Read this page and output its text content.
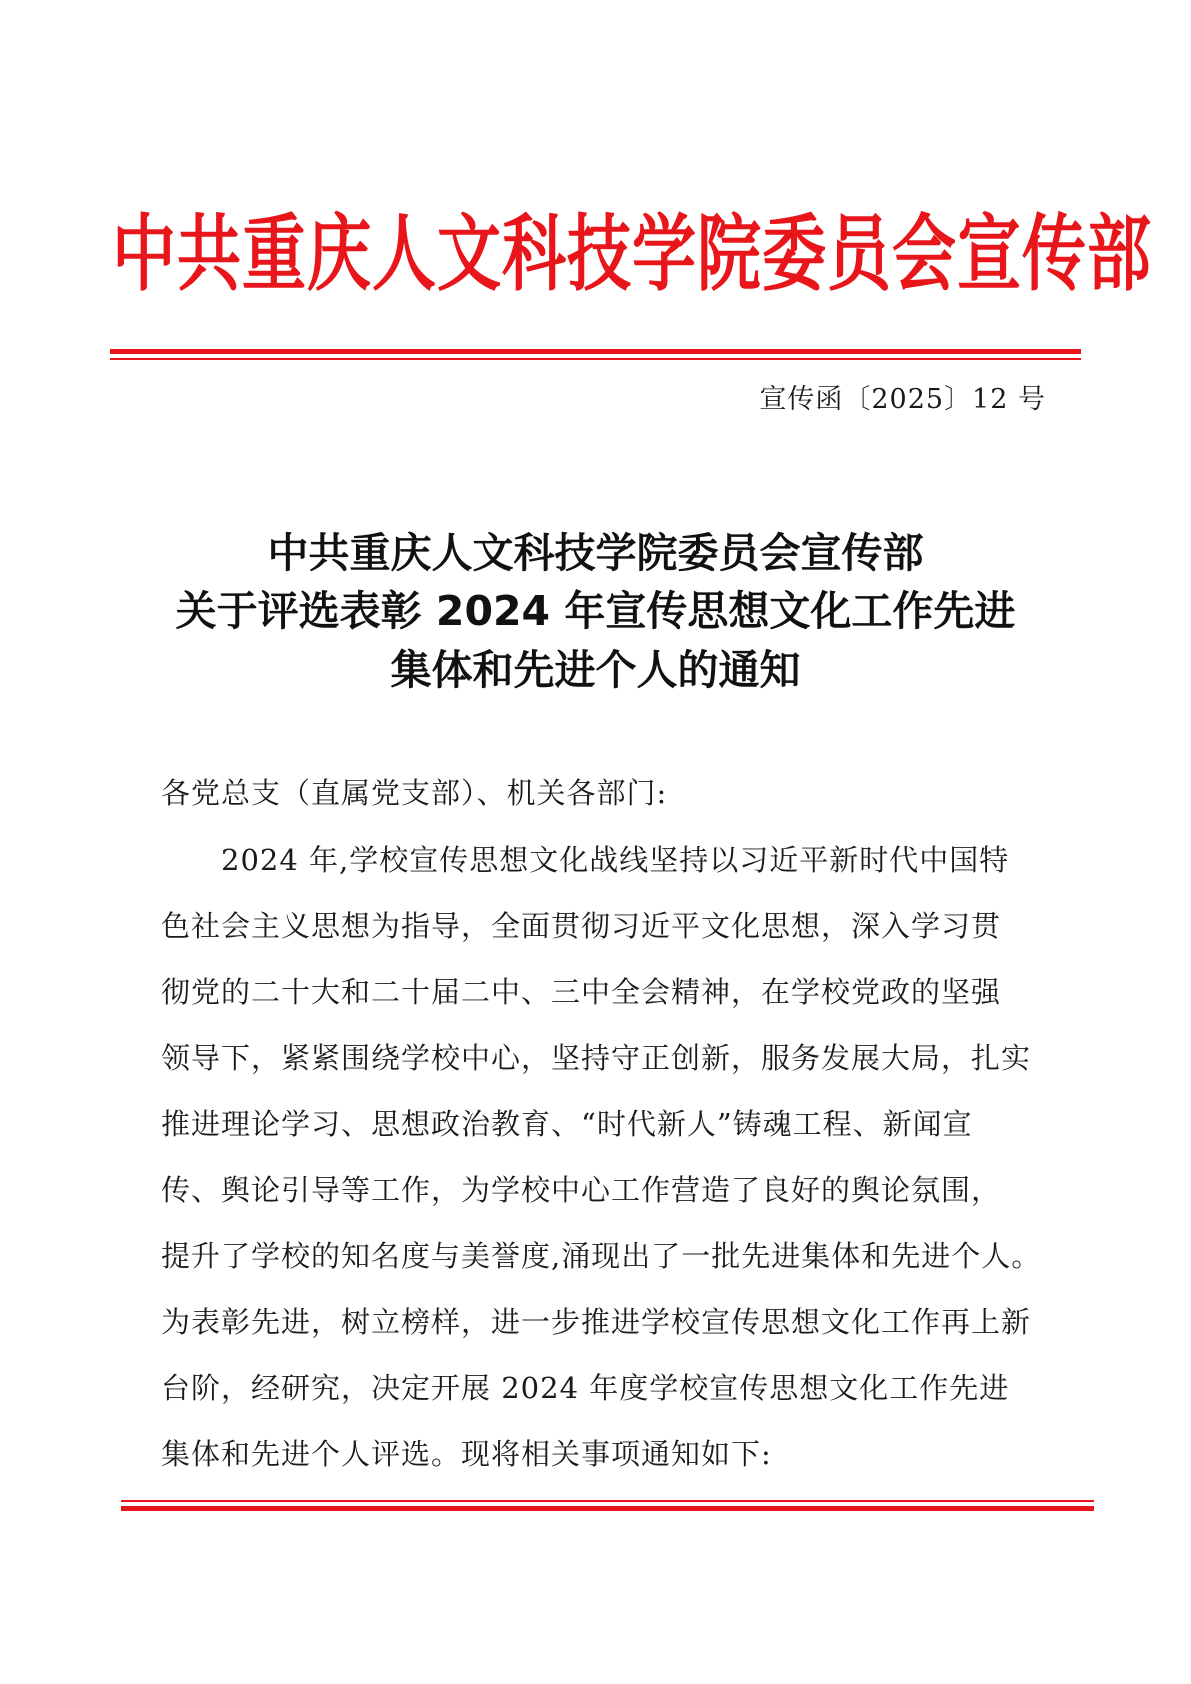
中共重庆人文科技学院委员会宣传部
宣传函〔2025〕12 号
中共重庆人文科技学院委员会宣传部
关于评选表彰 2024 年宣传思想文化工作先进
集体和先进个人的通知
各党总支（直属党支部）、机关各部门:
　　2024 年,学校宣传思想文化战线坚持以习近平新时代中国特
色社会主义思想为指导，全面贯彻习近平文化思想，深入学习贯
彻党的二十大和二十届二中、三中全会精神，在学校党政的坚强
领导下，紧紧围绕学校中心，坚持守正创新，服务发展大局，扎实
推进理论学习、思想政治教育、“时代新人”铸魂工程、新闻宣
传、舆论引导等工作，为学校中心工作营造了良好的舆论氛围，
提升了学校的知名度与美誉度,涌现出了一批先进集体和先进个人。
为表彰先进，树立榜样，进一步推进学校宣传思想文化工作再上新
台阶，经研究，决定开展 2024 年度学校宣传思想文化工作先进
集体和先进个人评选。现将相关事项通知如下:
